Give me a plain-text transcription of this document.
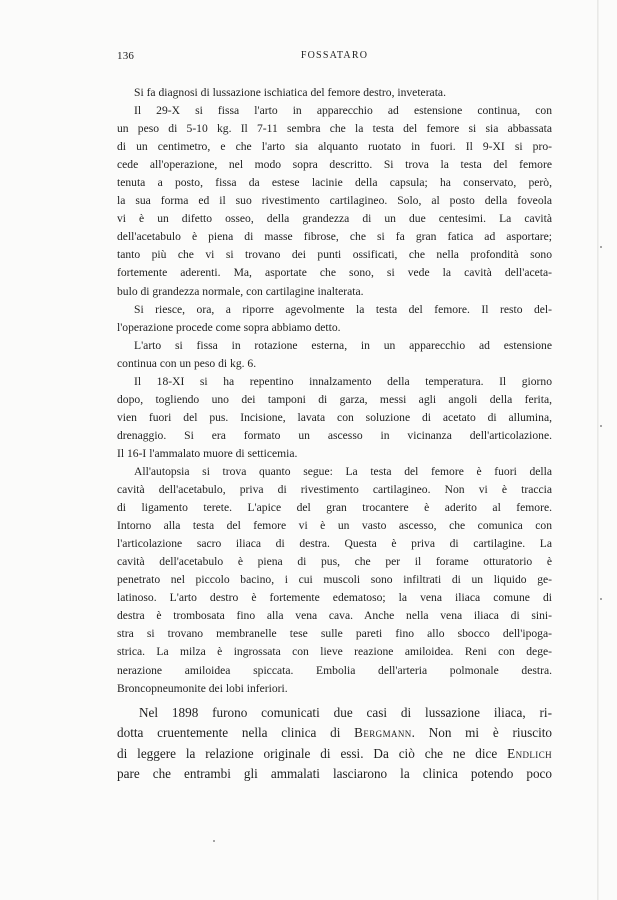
136	FOSSATARO
Si fa diagnosi di lussazione ischiatica del femore destro, inveterata.
Il 29-X si fissa l'arto in apparecchio ad estensione continua, con
un peso di 5-10 kg. Il 7-11 sembra che la testa del femore si sia abbassata
di un centimetro, e che l'arto sia alquanto ruotato in fuori. Il 9-XI si pro-
cede all'operazione, nel modo sopra descritto. Si trova la testa del femore
tenuta a posto, fissa da estese lacinie della capsula; ha conservato, però,
la sua forma ed il suo rivestimento cartilagineo. Solo, al posto della foveola
vi è un difetto osseo, della grandezza di un due centesimi. La cavità
dell'acetabulo è piena di masse fibrose, che si fa gran fatica ad asportare;
tanto più che vi si trovano dei punti ossificati, che nella profondità sono
fortemente aderenti. Ma, asportate che sono, si vede la cavità dell'aceta-
bulo di grandezza normale, con cartilagine inalterata.
Si riesce, ora, a riporre agevolmente la testa del femore. Il resto del-
l'operazione procede come sopra abbiamo detto.
L'arto si fissa in rotazione esterna, in un apparecchio ad estensione
continua con un peso di kg. 6.
Il 18-XI si ha repentino innalzamento della temperatura. Il giorno
dopo, togliendo uno dei tamponi di garza, messi agli angoli della ferita,
vien fuori del pus. Incisione, lavata con soluzione di acetato di allumina,
drenaggio. Si era formato un ascesso in vicinanza dell'articolazione.
Il 16-I l'ammalato muore di setticemia.
All'autopsia si trova quanto segue: La testa del femore è fuori della
cavità dell'acetabulo, priva di rivestimento cartilagineo. Non vi è traccia
di ligamento terete. L'apice del gran trocantere è aderito al femore.
Intorno alla testa del femore vi è un vasto ascesso, che comunica con
l'articolazione sacro iliaca di destra. Questa è priva di cartilagine. La
cavità dell'acetabulo è piena di pus, che per il forame otturatorio è
penetrato nel piccolo bacino, i cui muscoli sono infiltrati di un liquido ge-
latinoso. L'arto destro è fortemente edematoso; la vena iliaca comune di
destra è trombosata fino alla vena cava. Anche nella vena iliaca di sini-
stra si trovano membranelle tese sulle pareti fino allo sbocco dell'ipoga-
strica. La milza è ingrossata con lieve reazione amiloidea. Reni con dege-
nerazione amiloidea spiccata. Embolia dell'arteria polmonale destra.
Broncopneumonite dei lobi inferiori.
Nel 1898 furono comunicati due casi di lussazione iliaca, ri-
dotta cruentemente nella clinica di Bergmann. Non mi è riuscito
di leggere la relazione originale di essi. Da ciò che ne dice Endlich
pare che entrambi gli ammalati lasciarono la clinica potendo poco
